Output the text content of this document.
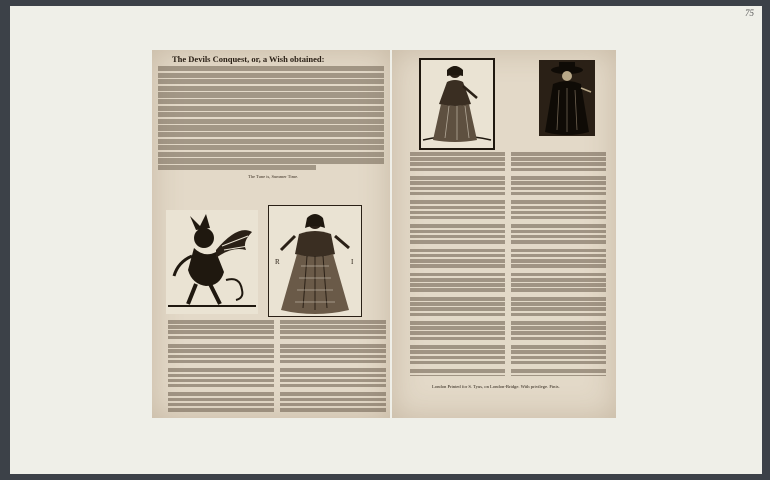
75
The Devils Conquest, or, a Wish obtained:
The Tune is, Summer Time.
R	I
London Printed for S. Tyus, on London-Bridge. With privilege. Finis.
